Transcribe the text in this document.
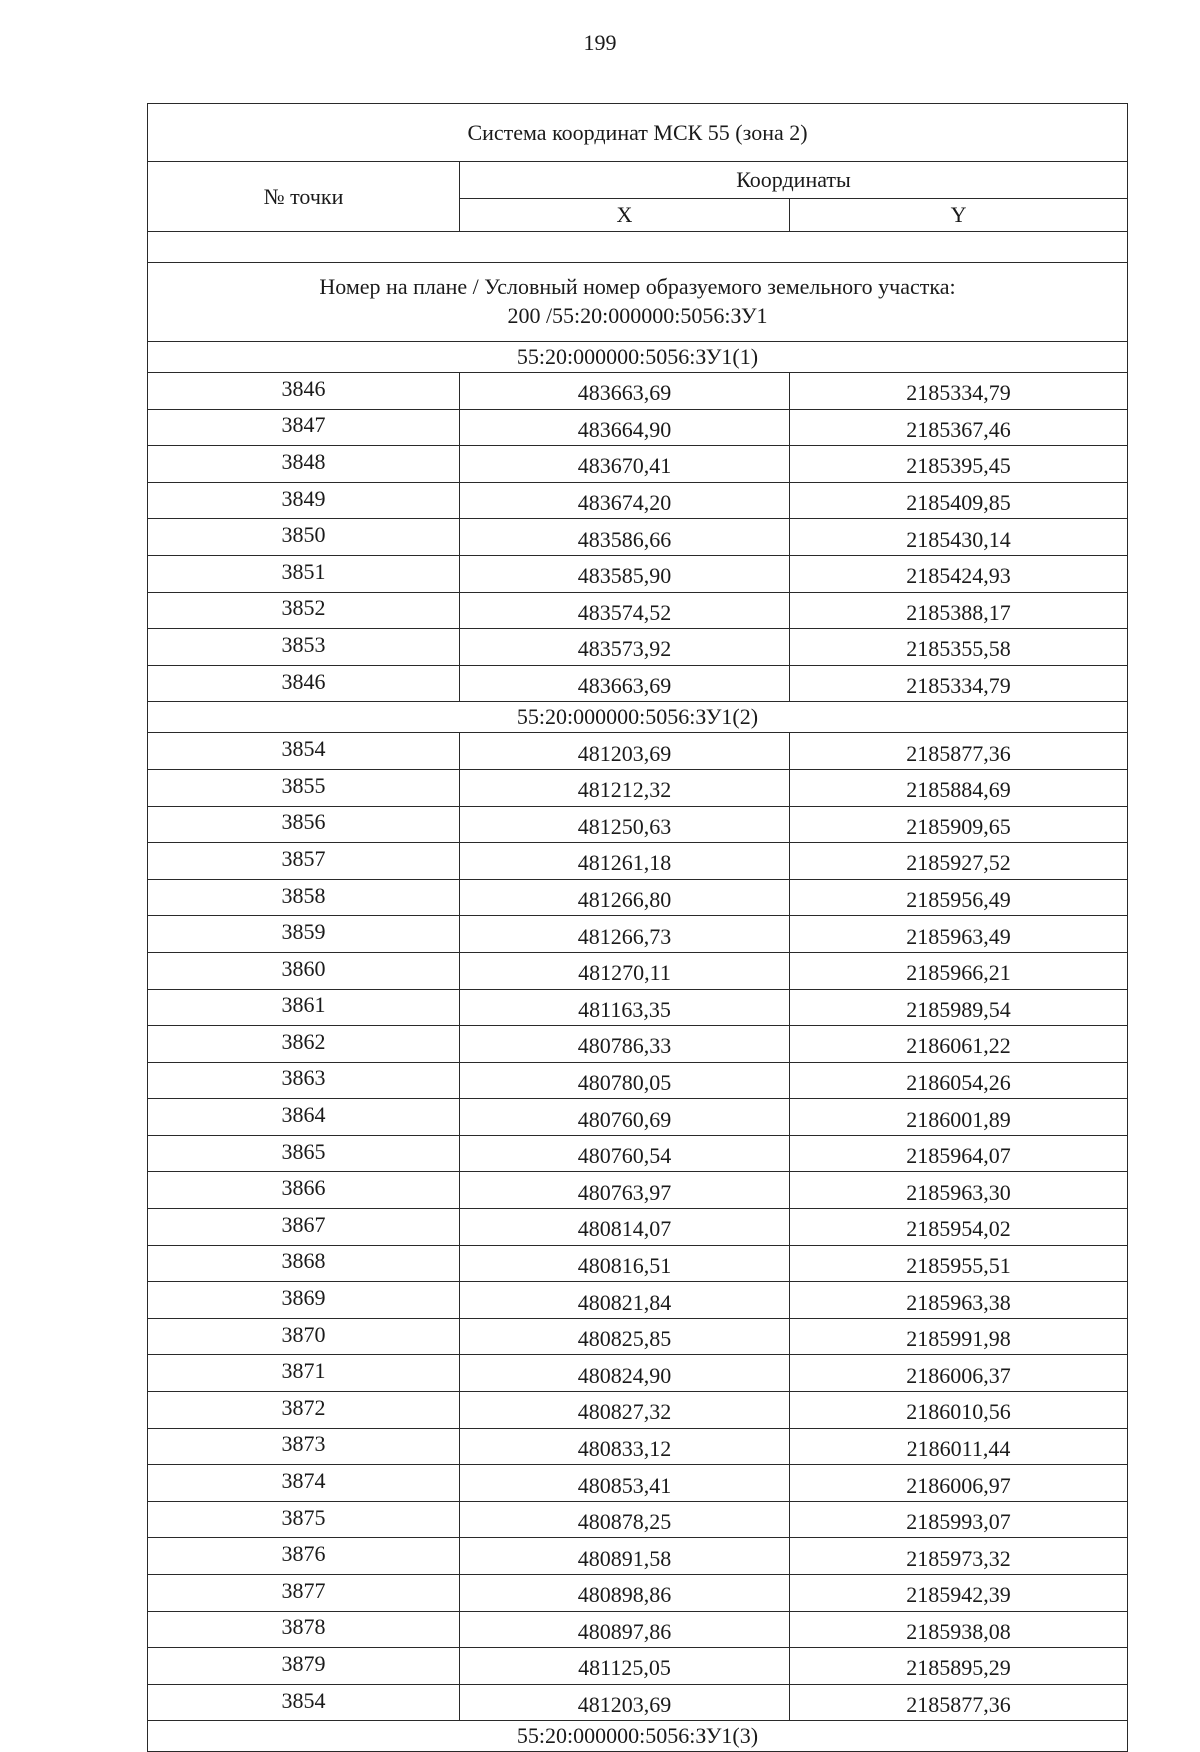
199
Система координат МСК 55 (зона 2)		
№ точки	Координаты	
	X	Y

Номер на плане / Условный номер образуемого земельного участка:
200 /55:20:000000:5056:ЗУ1		
55:20:000000:5056:ЗУ1(1)		
3846	483663,69	2185334,79
3847	483664,90	2185367,46
3848	483670,41	2185395,45
3849	483674,20	2185409,85
3850	483586,66	2185430,14
3851	483585,90	2185424,93
3852	483574,52	2185388,17
3853	483573,92	2185355,58
3846	483663,69	2185334,79
55:20:000000:5056:ЗУ1(2)		
3854	481203,69	2185877,36
3855	481212,32	2185884,69
3856	481250,63	2185909,65
3857	481261,18	2185927,52
3858	481266,80	2185956,49
3859	481266,73	2185963,49
3860	481270,11	2185966,21
3861	481163,35	2185989,54
3862	480786,33	2186061,22
3863	480780,05	2186054,26
3864	480760,69	2186001,89
3865	480760,54	2185964,07
3866	480763,97	2185963,30
3867	480814,07	2185954,02
3868	480816,51	2185955,51
3869	480821,84	2185963,38
3870	480825,85	2185991,98
3871	480824,90	2186006,37
3872	480827,32	2186010,56
3873	480833,12	2186011,44
3874	480853,41	2186006,97
3875	480878,25	2185993,07
3876	480891,58	2185973,32
3877	480898,86	2185942,39
3878	480897,86	2185938,08
3879	481125,05	2185895,29
3854	481203,69	2185877,36
55:20:000000:5056:ЗУ1(3)		
